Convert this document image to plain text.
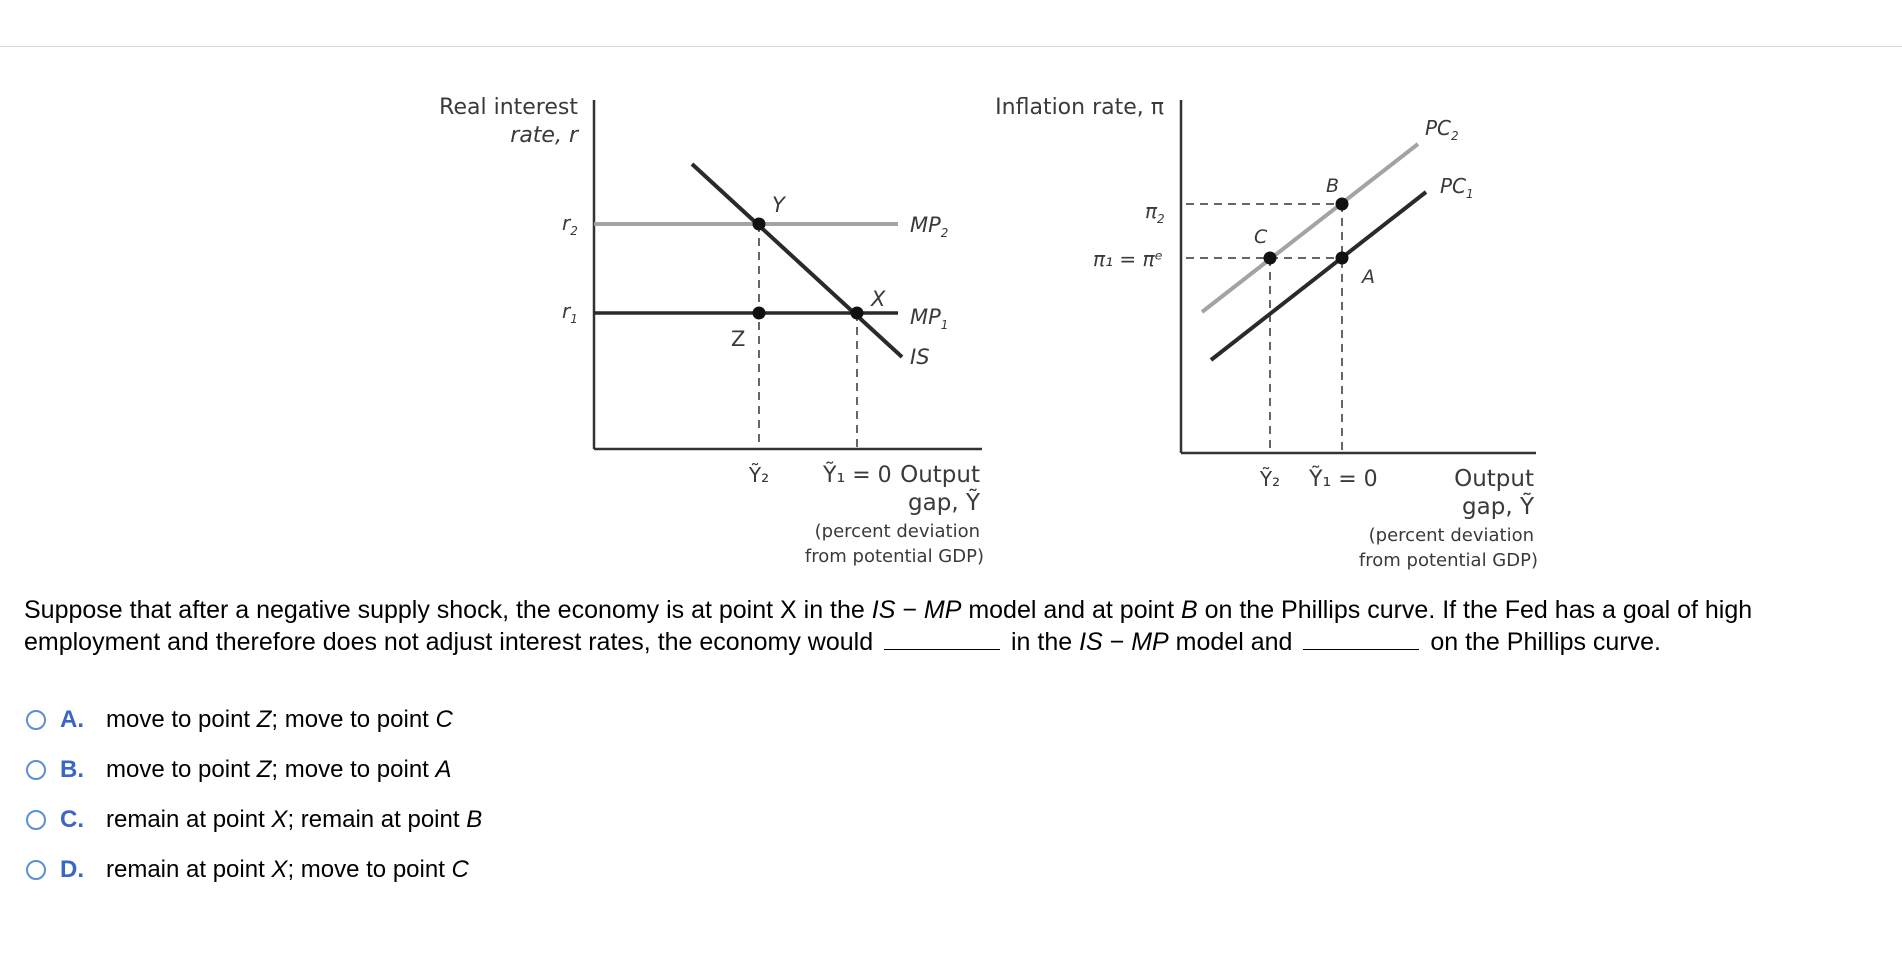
Real interest
rate, r
$r_2$
$r_1$
Y
X
Z
$MP_2$
$MP_1$
IS
Ỹ₂ Ỹ₁ = 0 Output
gap, Ỹ
(percent deviation
from potential GDP)
Inflation rate, π
$\pi_2$
π₁ = πᵉ
B
C
A
$PC_2$
$PC_1$
Ỹ₂ Ỹ₁ = 0	Output
gap, Ỹ
(percent deviation
from potential GDP)
Suppose that after a negative supply shock, the economy is at point X in the IS − MP model and at point B on the Phillips curve. If the Fed has a goal of high employment and therefore does not adjust interest rates, the economy would	in the IS − MP model and	on the Phillips curve.
A. move to point Z; move to point C
B. move to point Z; move to point A
C. remain at point X; remain at point B
D. remain at point X; move to point C
